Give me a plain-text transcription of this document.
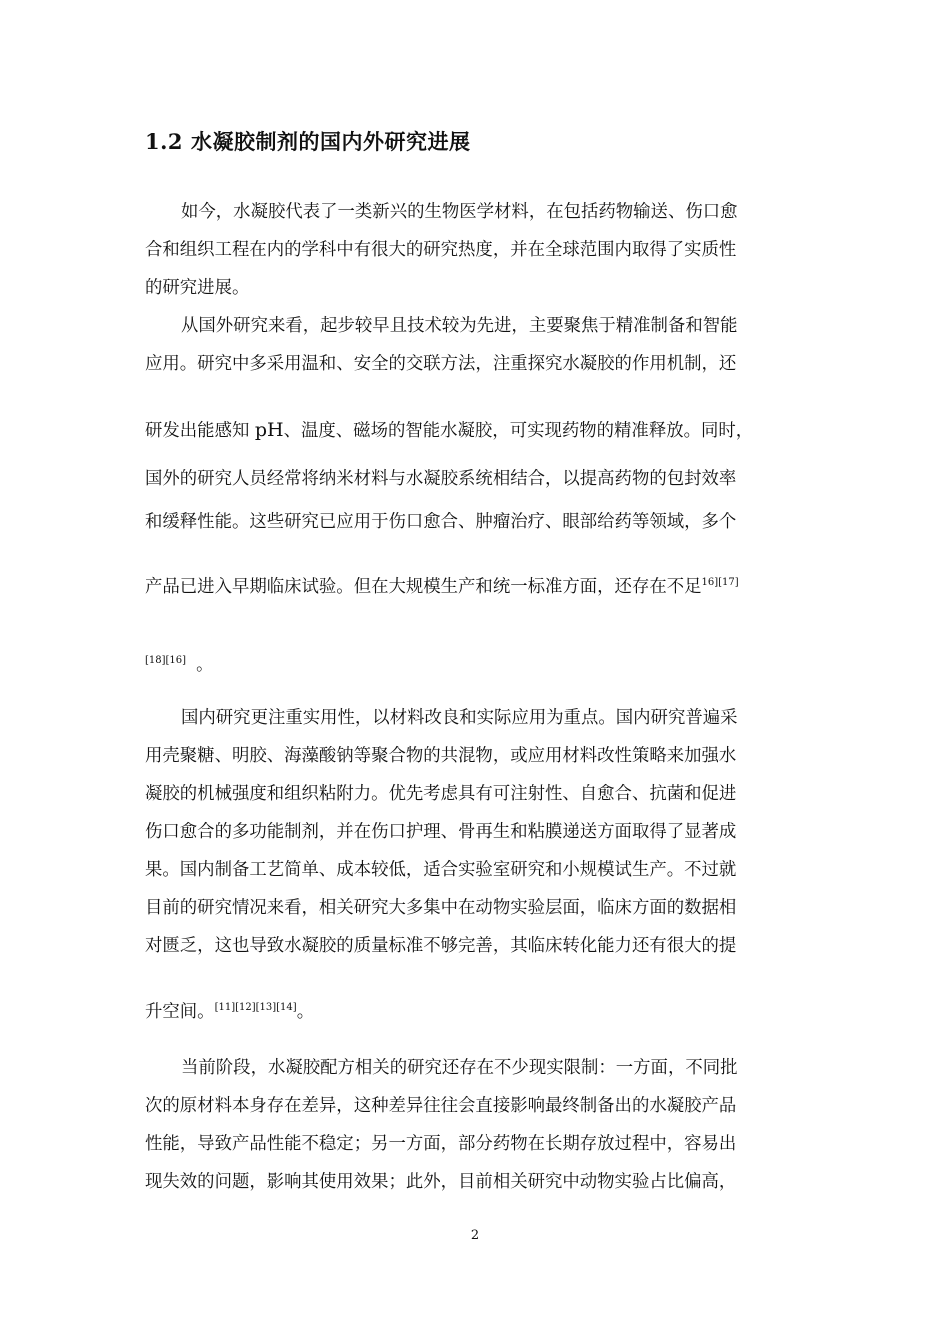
1.2 水凝胶制剂的国内外研究进展
如今，水凝胶代表了一类新兴的生物医学材料，在包括药物输送、伤口愈
合和组织工程在内的学科中有很大的研究热度，并在全球范围内取得了实质性
的研究进展。
从国外研究来看，起步较早且技术较为先进，主要聚焦于精准制备和智能
应用。研究中多采用温和、安全的交联方法，注重探究水凝胶的作用机制，还
研发出能感知 pH、温度、磁场的智能水凝胶，可实现药物的精准释放。同时，
国外的研究人员经常将纳米材料与水凝胶系统相结合，以提高药物的包封效率
和缓释性能。这些研究已应用于伤口愈合、肿瘤治疗、眼部给药等领域，多个
产品已进入早期临床试验。但在大规模生产和统一标准方面，还存在不足$^{16][17]}$
[18][16] 。
国内研究更注重实用性，以材料改良和实际应用为重点。国内研究普遍采
用壳聚糖、明胶、海藻酸钠等聚合物的共混物，或应用材料改性策略来加强水
凝胶的机械强度和组织粘附力。优先考虑具有可注射性、自愈合、抗菌和促进
伤口愈合的多功能制剂，并在伤口护理、骨再生和粘膜递送方面取得了显著成
果。国内制备工艺简单、成本较低，适合实验室研究和小规模试生产。不过就
目前的研究情况来看，相关研究大多集中在动物实验层面，临床方面的数据相
对匮乏，这也导致水凝胶的质量标准不够完善，其临床转化能力还有很大的提
升空间。[11][12][13][14]。
当前阶段，水凝胶配方相关的研究还存在不少现实限制：一方面，不同批
次的原材料本身存在差异，这种差异往往会直接影响最终制备出的水凝胶产品
性能，导致产品性能不稳定；另一方面，部分药物在长期存放过程中，容易出
现失效的问题，影响其使用效果；此外，目前相关研究中动物实验占比偏高，
2
